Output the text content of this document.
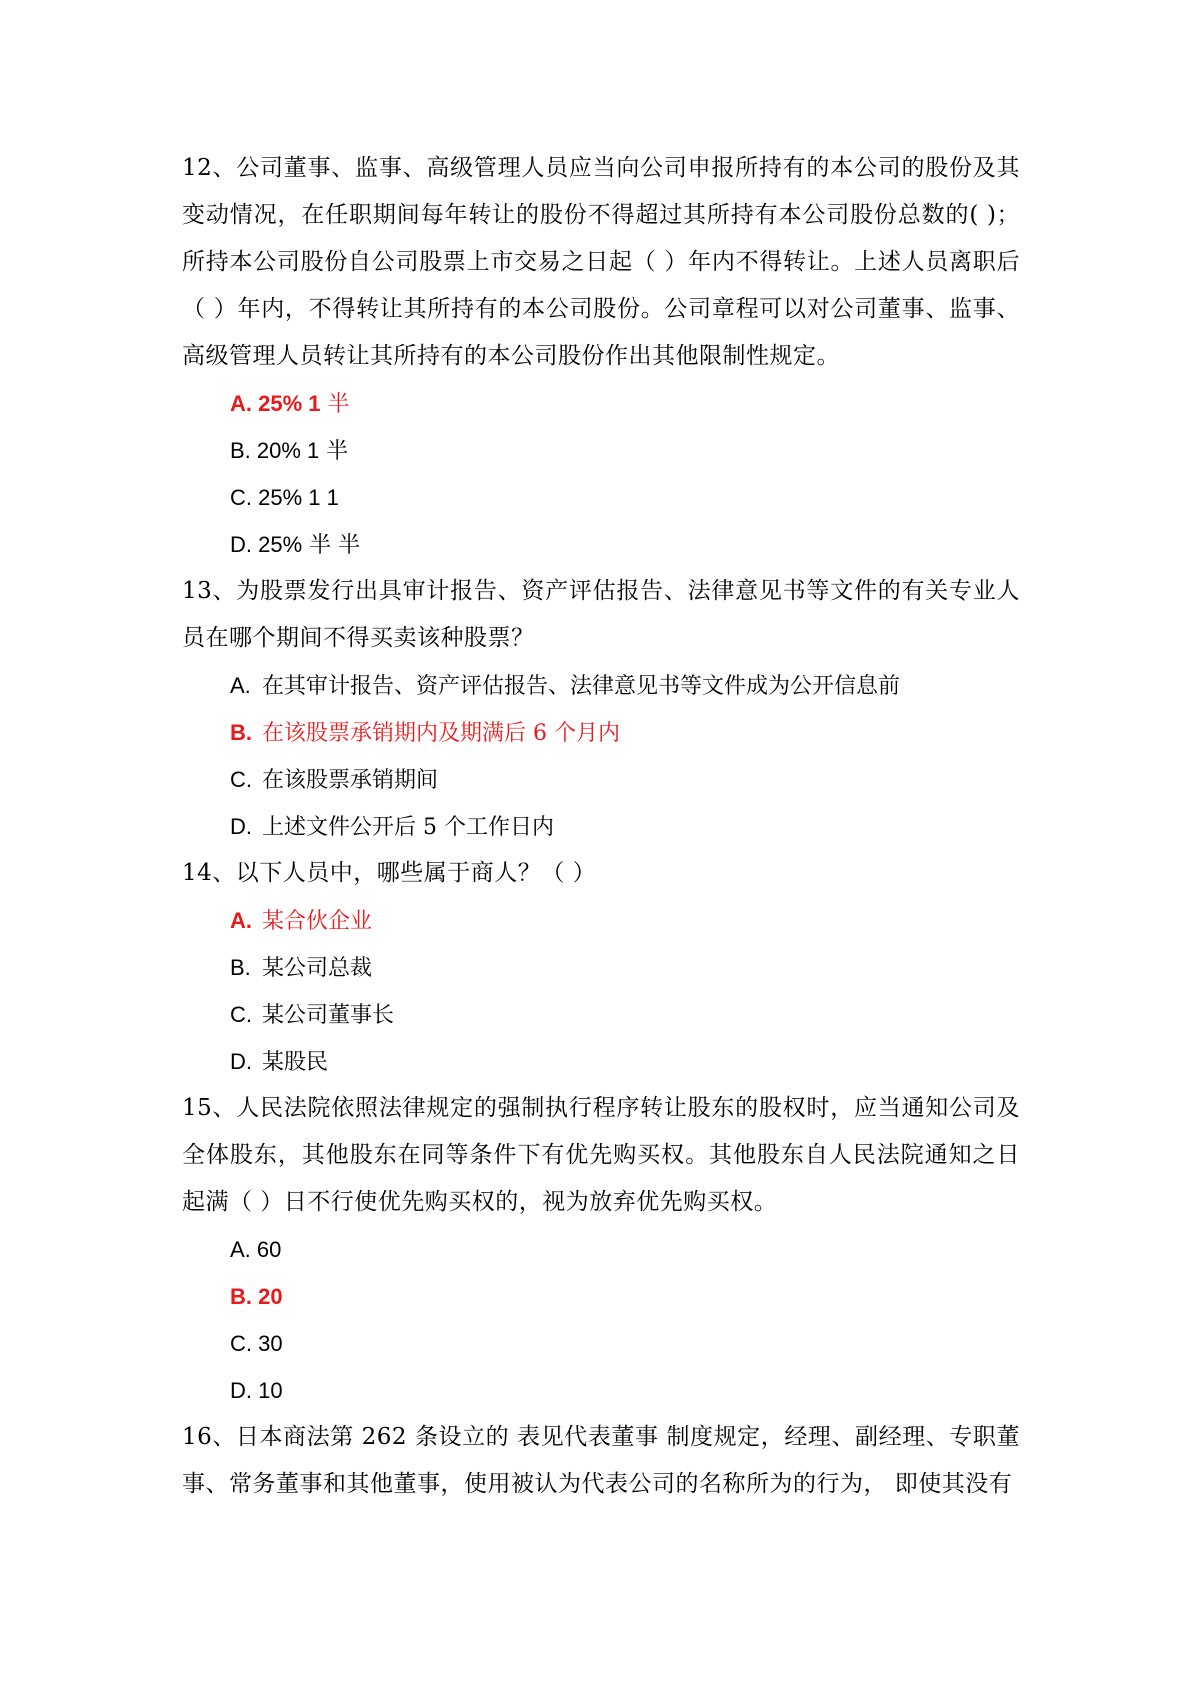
12、公司董事、监事、高级管理人员应当向公司申报所持有的本公司的股份及其变动情况，在任职期间每年转让的股份不得超过其所持有本公司股份总数的( )；所持本公司股份自公司股票上市交易之日起（ ）年内不得转让。上述人员离职后（ ）年内，不得转让其所持有的本公司股份。公司章程可以对公司董事、监事、高级管理人员转让其所持有的本公司股份作出其他限制性规定。
A. 25% 1 半
B. 20% 1 半
C. 25% 1 1
D. 25% 半 半
13、为股票发行出具审计报告、资产评估报告、法律意见书等文件的有关专业人员在哪个期间不得买卖该种股票？
A. 在其审计报告、资产评估报告、法律意见书等文件成为公开信息前
B. 在该股票承销期内及期满后 6 个月内
C. 在该股票承销期间
D. 上述文件公开后 5 个工作日内
14、以下人员中，哪些属于商人？（ ）
A. 某合伙企业
B. 某公司总裁
C. 某公司董事长
D. 某股民
15、人民法院依照法律规定的强制执行程序转让股东的股权时，应当通知公司及全体股东，其他股东在同等条件下有优先购买权。其他股东自人民法院通知之日起满（ ）日不行使优先购买权的，视为放弃优先购买权。
A. 60
B. 20
C. 30
D. 10
16、日本商法第 262 条设立的 表见代表董事 制度规定，经理、副经理、专职董事、常务董事和其他董事，使用被认为代表公司的名称所为的行为， 即使其没有
